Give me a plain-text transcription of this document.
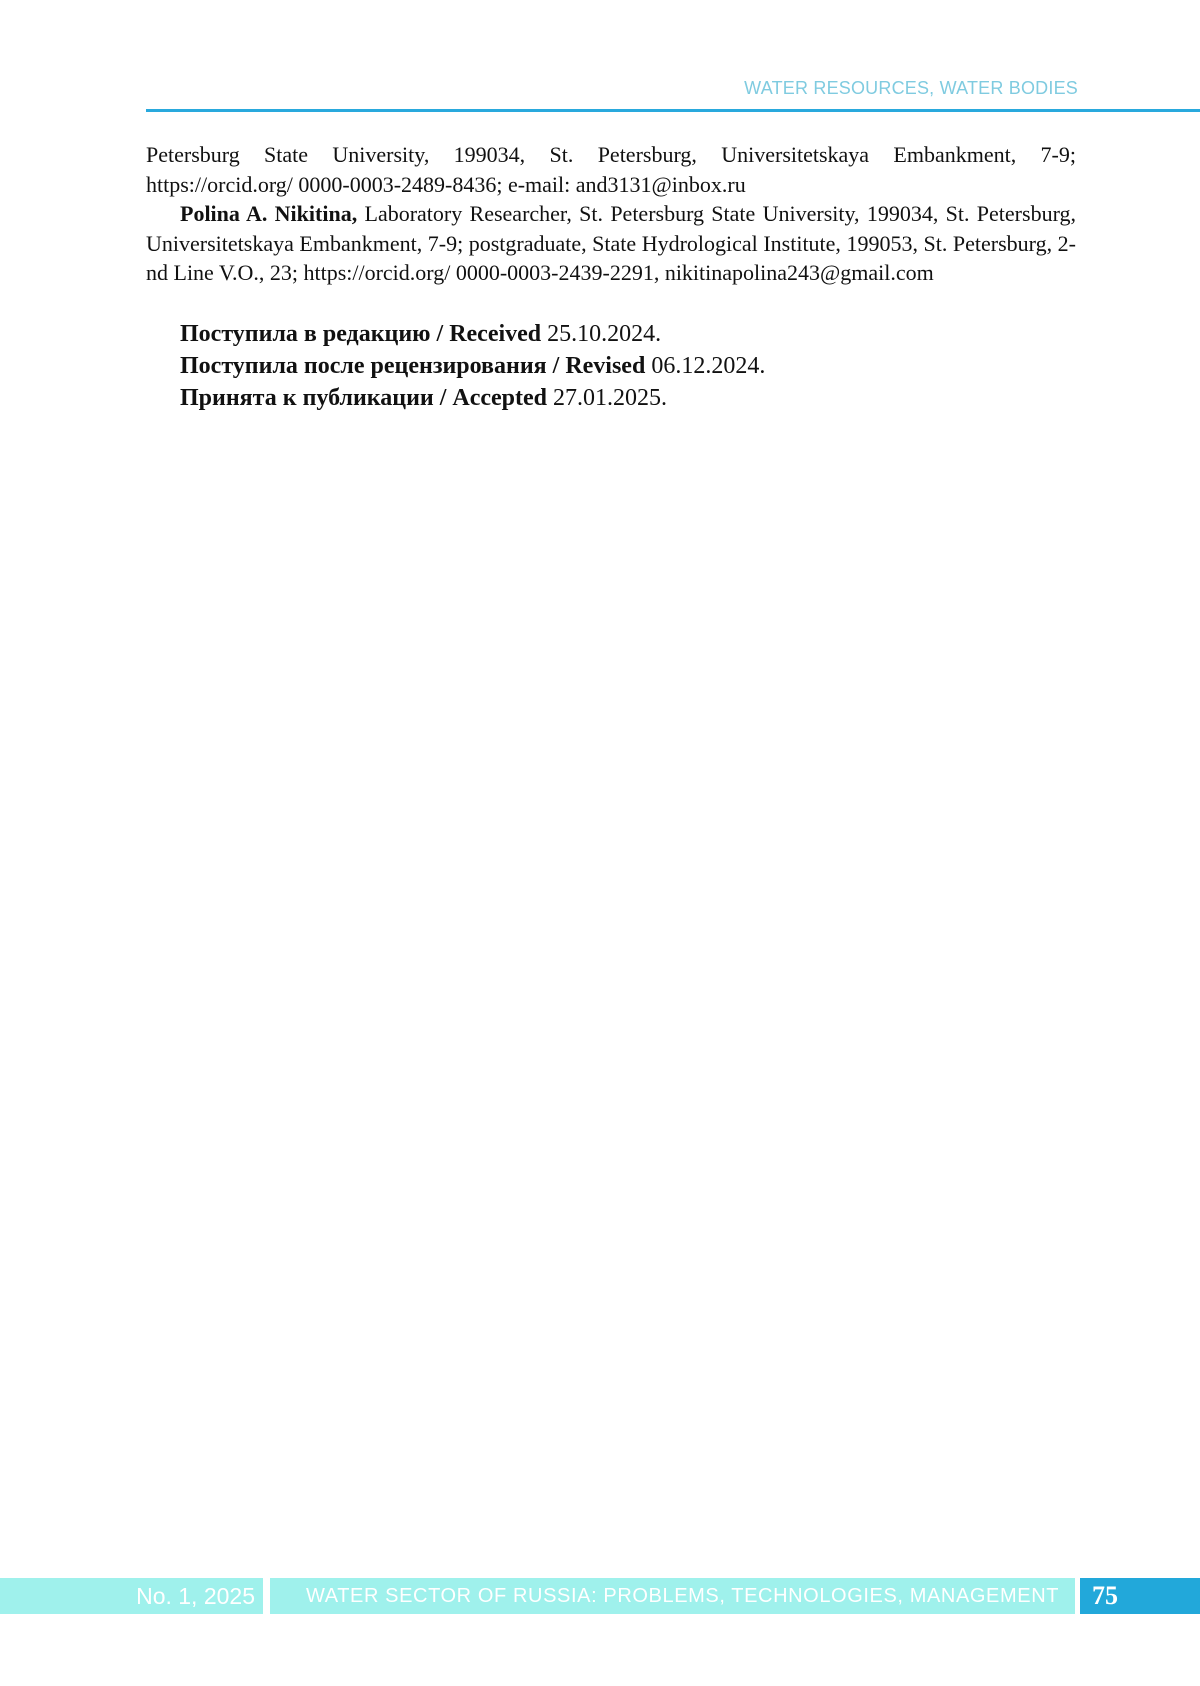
WATER RESOURCES, WATER BODIES

Petersburg State University, 199034, St. Petersburg, Universitetskaya Embankment, 7-9; https://orcid.org/ 0000-0003-2489-8436; e-mail: and3131@inbox.ru

Polina A. Nikitina, Laboratory Researcher, St. Petersburg State University, 199034, St. Petersburg, Universitetskaya Embankment, 7-9; postgraduate, State Hydrological Institute, 199053, St. Petersburg, 2-nd Line V.O., 23; https://orcid.org/ 0000-0003-2439-2291, nikitinapolina243@gmail.com

Поступила в редакцию / Received 25.10.2024.
Поступила после рецензирования / Revised 06.12.2024.
Принята к публикации / Accepted 27.01.2025.
No. 1, 2025	WATER SECTOR OF RUSSIA: PROBLEMS, TECHNOLOGIES, MANAGEMENT	75
